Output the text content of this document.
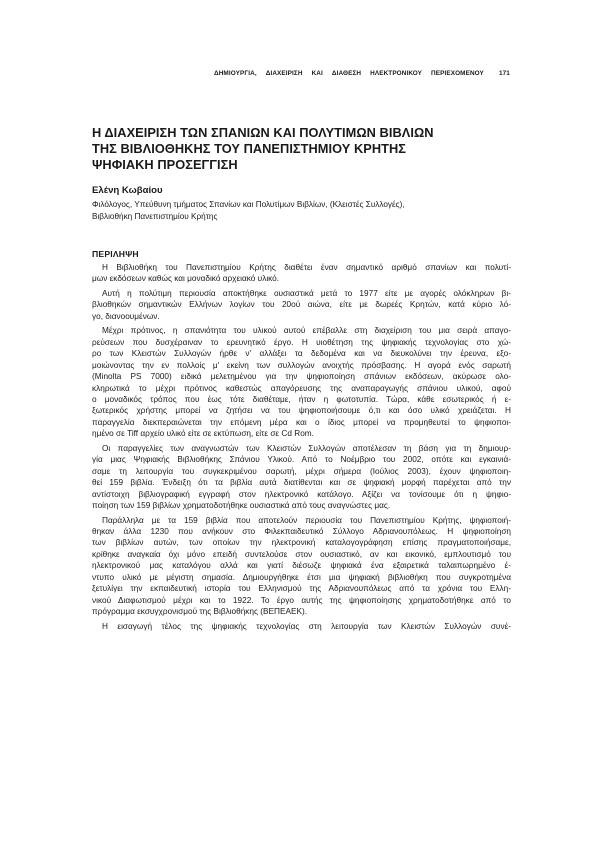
ΔΗΜΙΟΥΡΓΙΑ, ΔΙΑΧΕΙΡΙΣΗ ΚΑΙ ΔΙΑΘΕΣΗ ΗΛΕΚΤΡΟΝΙΚΟΥ ΠΕΡΙΕΧΟΜΕΝΟΥ 171
Η ΔΙΑΧΕΙΡΙΣΗ ΤΩΝ ΣΠΑΝΙΩΝ ΚΑΙ ΠΟΛΥΤΙΜΩΝ ΒΙΒΛΙΩΝ
ΤΗΣ ΒΙΒΛΙΟΘΗΚΗΣ ΤΟΥ ΠΑΝΕΠΙΣΤΗΜΙΟΥ ΚΡΗΤΗΣ
ΨΗΦΙΑΚΗ ΠΡΟΣΕΓΓΙΣΗ
Ελένη Κωβαίου
Φιλόλογος, Υπεύθυνη τμήματος Σπανίων και Πολυτίμων Βιβλίων, (Κλειστές Συλλογές),
Βιβλιοθήκη Πανεπιστημίου Κρήτης
ΠΕΡΙΛΗΨΗ
Η Βιβλιοθήκη του Πανεπιστημίου Κρήτης διαθέτει έναν σημαντικό αριθμό σπανίων και πολυτί-
μων εκδόσεων καθώς και μοναδικό αρχειακό υλικό.
Αυτή η πολύτιμη περιουσία αποκτήθηκε ουσιαστικά μετά το 1977 είτε με αγορές ολόκληρων βι-
βλιοθηκών σημαντικών Ελλήνων λογίων του 20ού αιώνα, είτε με δωρεές Κρητών, κατά κύριο λό-
γο, διανοουμένων.
Μέχρι πρότινος, η σπανιότητα του υλικού αυτού επέβαλλε στη διαχείριση του μια σειρά απαγο-
ρεύσεων που δυσχέραιναν το ερευνητικό έργο. Η υιοθέτηση της ψηφιακής τεχνολογίας στο χώ-
ρο των Κλειστών Συλλογών ήρθε ν' αλλάξει τα δεδομένα και να διευκολύνει την έρευνα, εξο-
μοιώνοντας την εν πολλοίς μ' εκείνη των συλλογών ανοιχτής πρόσβασης. Η αγορά ενός σαρωτή
(Minolta PS 7000) ειδικά μελετημένου για την ψηφιοποίηση σπάνιων εκδόσεων, ακύρωσε ολο-
κληρωτικά το μέχρι πρότινος καθεστώς απαγόρευσης της αναπαραγωγής σπάνιου υλικού, αφού
ο μοναδικός τρόπος που έως τότε διαθέταμε, ήταν η φωτοτυπία. Τώρα, κάθε εσωτερικός ή ε-
ξωτερικός χρήστης μπορεί να ζητήσει να του ψηφιοποιήσουμε ό,τι και όσο υλικό χρειάζεται. Η
παραγγελία διεκπεραιώνεται την επόμενη μέρα και ο ίδιος μπορεί να προμηθευτεί το ψηφιοποι-
ημένο σε Tiff αρχείο υλικό είτε σε εκτύπωση, είτε σε Cd Rom.
Οι παραγγελίες των αναγνωστών των Κλειστών Συλλογών αποτέλεσαν τη βάση για τη δημιουρ-
γία μιας Ψηφιακής Βιβλιοθήκης Σπάνιου Υλικού. Από το Νοέμβριο του 2002, οπότε και εγκαινιά-
σαμε τη λειτουργία του συγκεκριμένου σαρωτή, μέχρι σήμερα (Ιούλιος 2003), έχουν ψηφιοποιη-
θεί 159 βιβλία. Ένδειξη ότι τα βιβλία αυτά διατίθενται και σε ψηφιακή μορφή παρέχεται από την
αντίστοιχη βιβλιογραφική εγγραφή στον ηλεκτρονικό κατάλογο. Αξίζει να τονίσουμε ότι η ψηφιο-
ποίηση των 159 βιβλίων χρηματοδοτήθηκε ουσιαστικά από τους αναγνώστες μας.
Παράλληλα με τα 159 βιβλία που αποτελούν περιουσία του Πανεπιστημίου Κρήτης, ψηφιοποιή-
θηκαν άλλα 1230 που ανήκουν στο Φιλεκπαιδευτικό Σύλλογο Αδριανουπόλεως. Η ψηφιοποίηση
των βιβλίων αυτών, των οποίων την ηλεκτρονική καταλογογράφηση επίσης πραγματοποιήσαμε,
κρίθηκε αναγκαία όχι μόνο επειδή συντελούσε στον ουσιαστικό, αν και εικονικό, εμπλουτισμό του
ηλεκτρονικού μας καταλόγου αλλά και γιατί διέσωζε ψηφιακά ένα εξαιρετικά ταλαιπωρημένο έ-
ντυπο υλικό με μέγιστη σημασία. Δημιουργήθηκε έτσι μια ψηφιακή βιβλιοθήκη που συγκροτημένα
ξετυλίγει την εκπαιδευτική ιστορία του Ελληνισμού της Αδριανουπόλεως από τα χρόνια του Ελλη-
νικού Διαφωτισμού μέχρι και το 1922. Το έργο αυτής της ψηφιοποίησης χρηματοδοτήθηκε από το
πρόγραμμα εκσυγχρονισμού της Βιβλιοθήκης (ΒΕΠΕΑΕΚ).
Η εισαγωγή τέλος της ψηφιακής τεχνολογίας στη λειτουργία των Κλειστών Συλλογών συνέ-
